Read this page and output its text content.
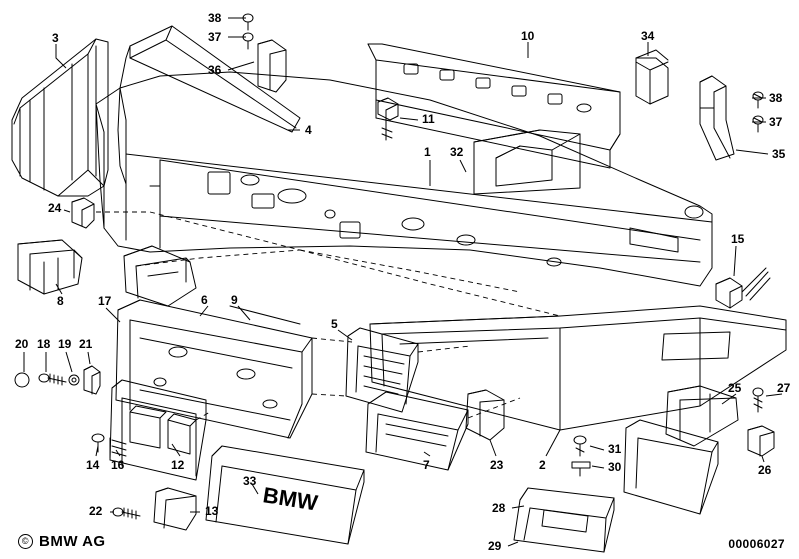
BMW
3
38
37
36
10	34
38
37
35
4
11
1 32
24
15
8	17	6 9
5
20 18 19 21
25	27
14 16	12	7	23	2
31
30	26
22	13
33
28
29
© BMW AG	00006027
